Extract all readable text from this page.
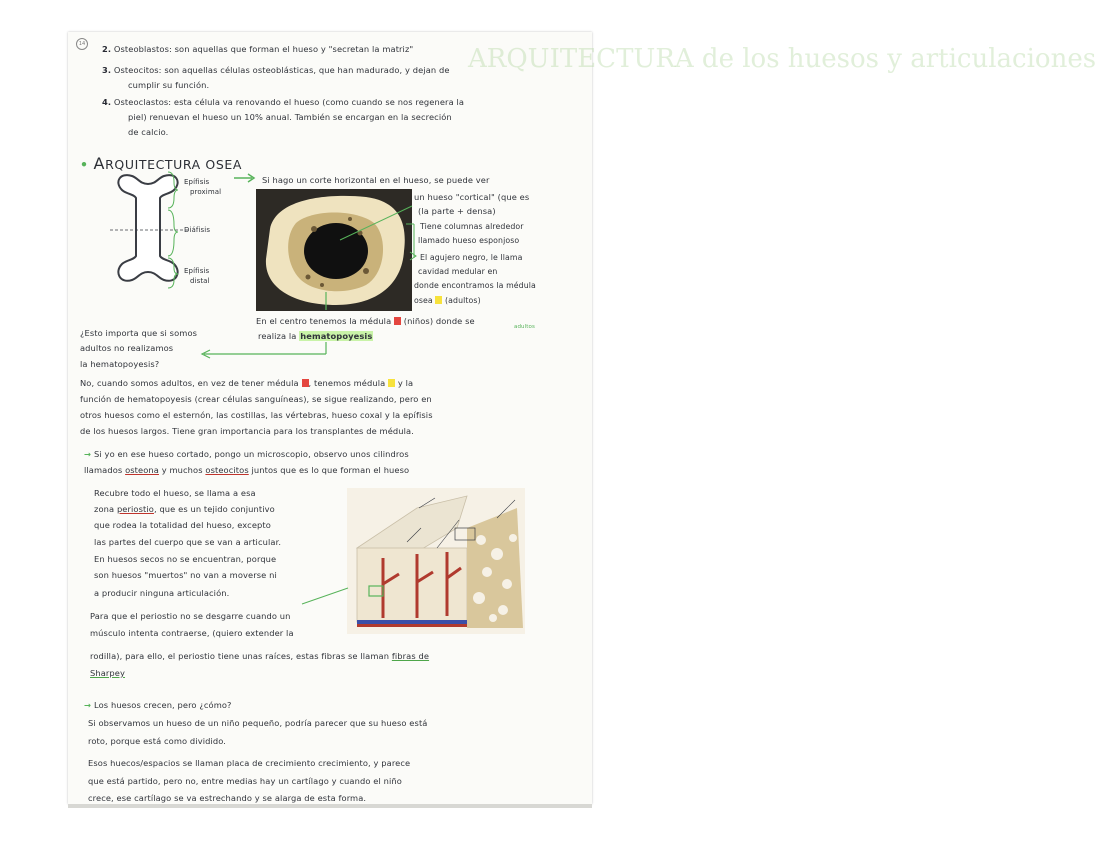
14	ARQUITECTURA de los huesos y articulaciones

2. Osteoblastos: son aquellas que forman el hueso y "secretan la matriz"

3. Osteocitos: son aquellas células osteoblásticas, que han madurado, y dejan de

cumplir su función.

4. Osteoclastos: esta célula va renovando el hueso (como cuando se nos regenera la

piel) renuevan el hueso un 10% anual. También se encargan en la secreción

de calcio.

• ARQUITECTURA OSEA

Epífisis

proximal

Diáfisis

Epífisis

distal

Si hago un corte horizontal en el hueso, se puede ver

un hueso "cortical" (que es

(la parte + densa)

Tiene columnas alrededor

llamado hueso esponjoso

El agujero negro, le llama

cavidad medular en

donde encontramos la médula

osea (adultos)

En el centro tenemos la médula (niños) donde se

adultos

realiza la hematopoyesis

¿Esto importa que si somos

adultos no realizamos

la hematopoyesis?

No, cuando somos adultos, en vez de tener médula , tenemos médula y la

función de hematopoyesis (crear células sanguíneas), se sigue realizando, pero en

otros huesos como el esternón, las costillas, las vértebras, hueso coxal y la epífisis

de los huesos largos. Tiene gran importancia para los transplantes de médula.

→ Si yo en ese hueso cortado, pongo un microscopio, observo unos cilindros

llamados osteona y muchos osteocitos juntos que es lo que forman el hueso

Recubre todo el hueso, se llama a esa

zona periostio, que es un tejido conjuntivo

que rodea la totalidad del hueso, excepto

las partes del cuerpo que se van a articular.

En huesos secos no se encuentran, porque

son huesos "muertos" no van a moverse ni

a producir ninguna articulación.

Para que el periostio no se desgarre cuando un

músculo intenta contraerse, (quiero extender la

rodilla), para ello, el periostio tiene unas raíces, estas fibras se llaman fibras de

Sharpey

→ Los huesos crecen, pero ¿cómo?

Si observamos un hueso de un niño pequeño, podría parecer que su hueso está

roto, porque está como dividido.

Esos huecos/espacios se llaman placa de crecimiento crecimiento, y parece

que está partido, pero no, entre medias hay un cartílago y cuando el niño

crece, ese cartílago se va estrechando y se alarga de esta forma.
